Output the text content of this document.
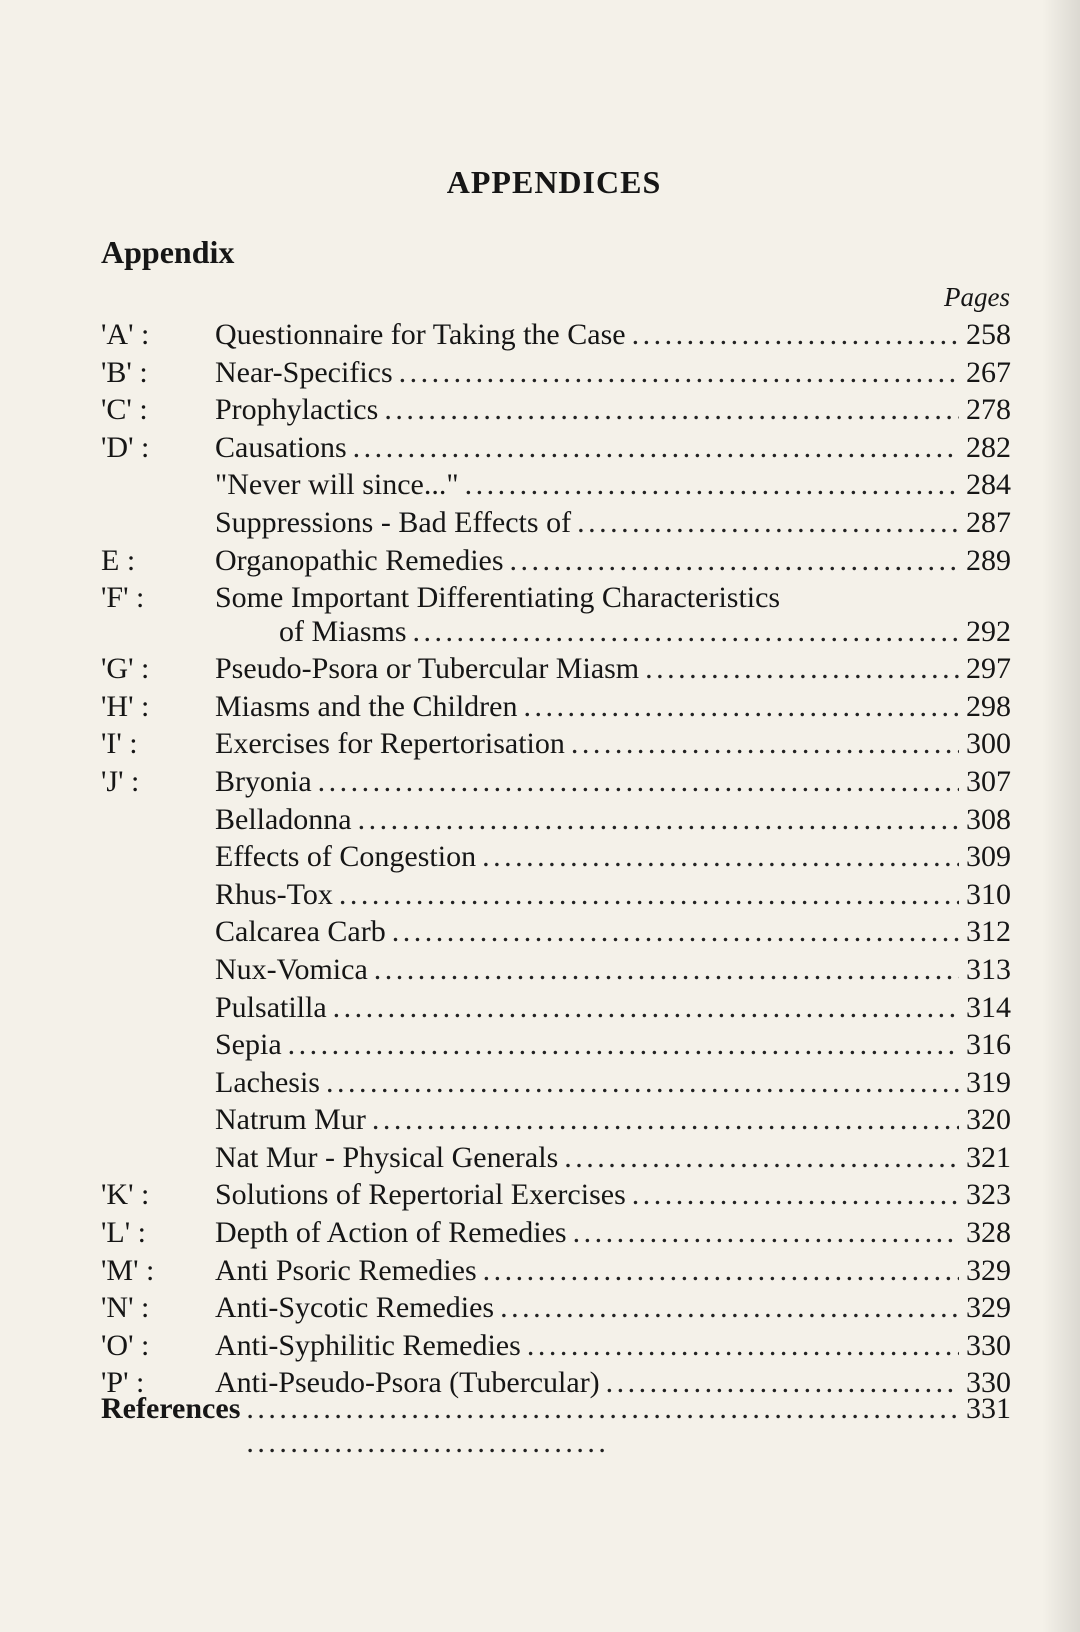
APPENDICES
Appendix
Pages
'A' :	Questionnaire for Taking the Case . . .	258
'B' :	Near-Specifics . . .	267
'C' :	Prophylactics . . .	278
'D' :	Causations . . .	282
"Never will since..." . . .	284
Suppressions - Bad Effects of . . .	287
E :	Organopathic Remedies . . .	289
'F' :	Some Important Differentiating Characteristics
of Miasms . . .	292
'G' :	Pseudo-Psora or Tubercular Miasm . . .	297
'H' :	Miasms and the Children . . .	298
'I' :	Exercises for Repertorisation . . .	300
'J' :	Bryonia . . .	307
Belladonna . . .	308
Effects of Congestion . . .	309
Rhus-Tox . . .	310
Calcarea Carb . . .	312
Nux-Vomica . . .	313
Pulsatilla . . .	314
Sepia . . .	316
Lachesis . . .	319
Natrum Mur . . .	320
Nat Mur - Physical Generals . . .	321
'K' :	Solutions of Repertorial Exercises . . .	323
'L' :	Depth of Action of Remedies . . .	328
'M' :	Anti Psoric Remedies . . .	329
'N' :	Anti-Sycotic Remedies . . .	329
'O' :	Anti-Syphilitic Remedies . . .	330
'P' :	Anti-Pseudo-Psora (Tubercular) . . .	330
References . . .	331
